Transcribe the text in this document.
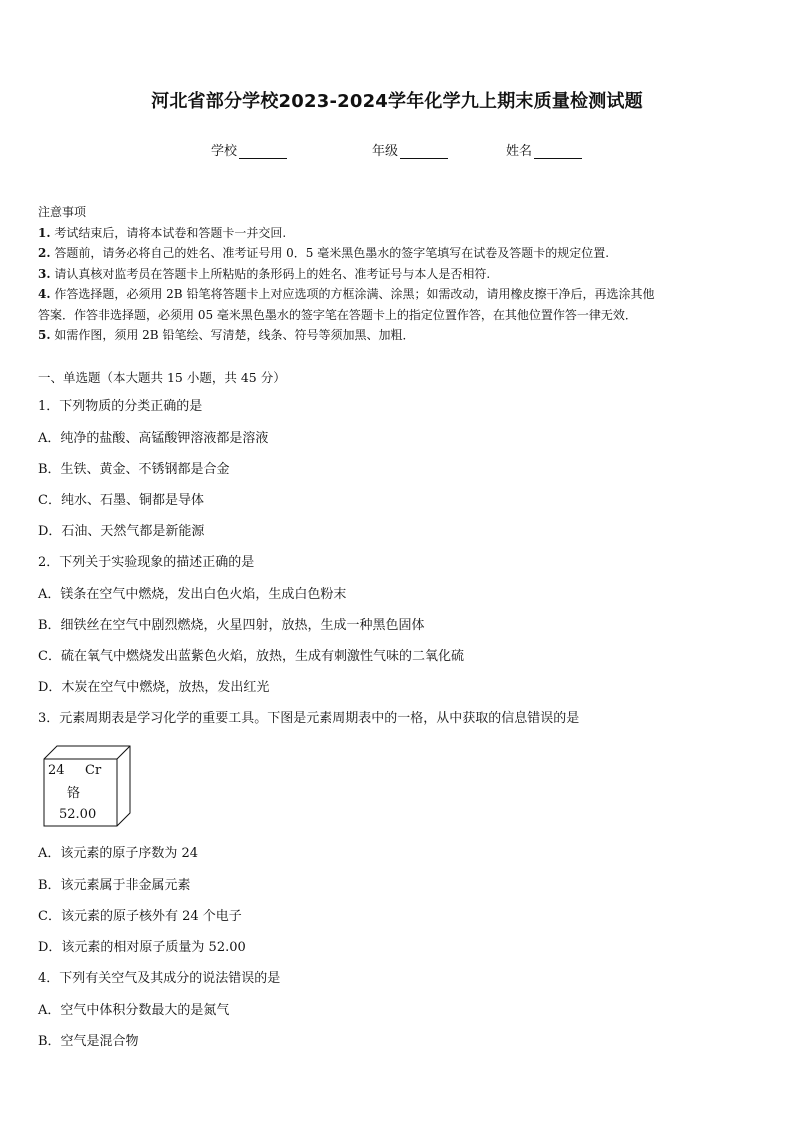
河北省部分学校2023-2024学年化学九上期末质量检测试题
学校	年级	姓名
注意事项
1. 考试结束后，请将本试卷和答题卡一并交回.
2. 答题前，请务必将自己的姓名、准考证号用 0．5 毫米黑色墨水的签字笔填写在试卷及答题卡的规定位置.
3. 请认真核对监考员在答题卡上所粘贴的条形码上的姓名、准考证号与本人是否相符.
4. 作答选择题，必须用 2B 铅笔将答题卡上对应选项的方框涂满、涂黑；如需改动，请用橡皮擦干净后，再选涂其他
答案．作答非选择题，必须用 05 毫米黑色墨水的签字笔在答题卡上的指定位置作答，在其他位置作答一律无效．
5. 如需作图，须用 2B 铅笔绘、写清楚，线条、符号等须加黑、加粗．
一、单选题（本大题共 15 小题，共 45 分）
1．下列物质的分类正确的是
A．纯净的盐酸、高锰酸钾溶液都是溶液
B．生铁、黄金、不锈钢都是合金
C．纯水、石墨、铜都是导体
D．石油、天然气都是新能源
2．下列关于实验现象的描述正确的是
A．镁条在空气中燃烧，发出白色火焰，生成白色粉末
B．细铁丝在空气中剧烈燃烧，火星四射，放热，生成一种黑色固体
C．硫在氧气中燃烧发出蓝紫色火焰，放热，生成有刺激性气味的二氧化硫
D．木炭在空气中燃烧，放热，发出红光
3．元素周期表是学习化学的重要工具。下图是元素周期表中的一格，从中获取的信息错误的是
24 Cr
铬
52.00
A．该元素的原子序数为 24
B．该元素属于非金属元素
C．该元素的原子核外有 24 个电子
D．该元素的相对原子质量为 52.00
4．下列有关空气及其成分的说法错误的是
A．空气中体积分数最大的是氮气
B．空气是混合物
